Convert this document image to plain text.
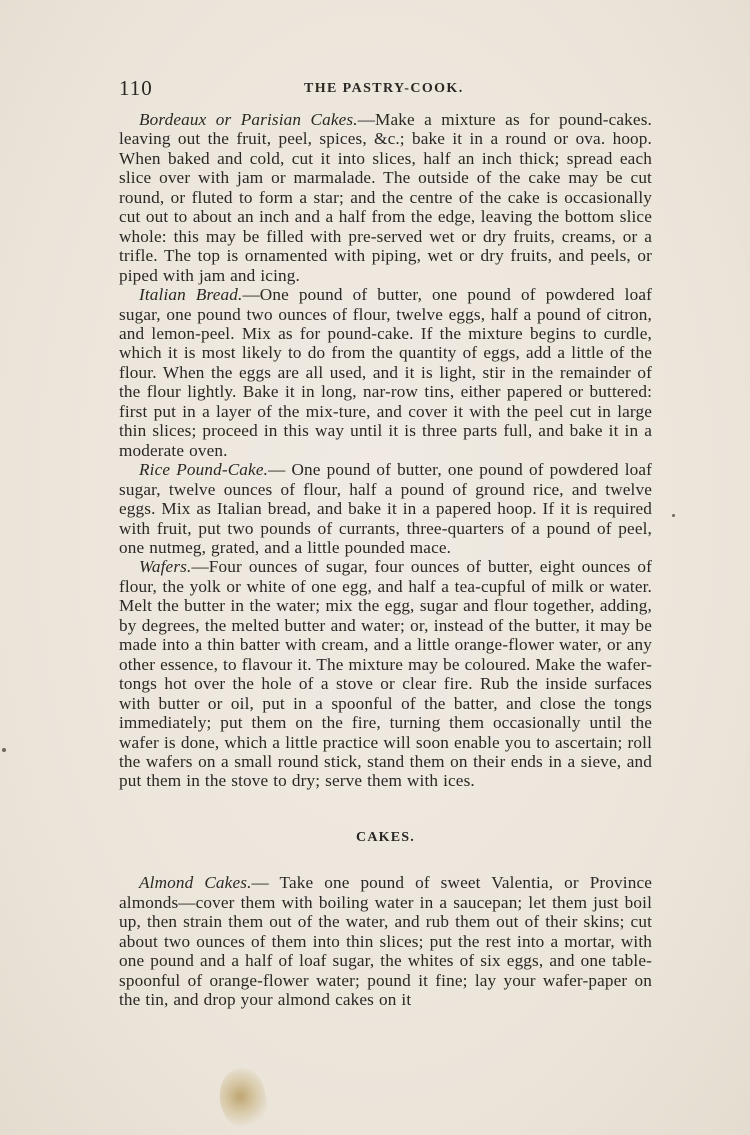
110	THE PASTRY-COOK.

Bordeaux or Parisian Cakes.—Make a mixture as for pound-cakes. leaving out the fruit, peel, spices, &c.; bake it in a round or ova. hoop. When baked and cold, cut it into slices, half an inch thick; spread each slice over with jam or marmalade. The outside of the cake may be cut round, or fluted to form a star; and the centre of the cake is occasionally cut out to about an inch and a half from the edge, leaving the bottom slice whole: this may be filled with pre-served wet or dry fruits, creams, or a trifle. The top is ornamented with piping, wet or dry fruits, and peels, or piped with jam and icing.

Italian Bread.—One pound of butter, one pound of powdered loaf sugar, one pound two ounces of flour, twelve eggs, half a pound of citron, and lemon-peel. Mix as for pound-cake. If the mixture begins to curdle, which it is most likely to do from the quantity of eggs, add a little of the flour. When the eggs are all used, and it is light, stir in the remainder of the flour lightly. Bake it in long, nar-row tins, either papered or buttered: first put in a layer of the mix-ture, and cover it with the peel cut in large thin slices; proceed in this way until it is three parts full, and bake it in a moderate oven.

Rice Pound-Cake.— One pound of butter, one pound of powdered loaf sugar, twelve ounces of flour, half a pound of ground rice, and twelve eggs. Mix as Italian bread, and bake it in a papered hoop. If it is required with fruit, put two pounds of currants, three-quarters of a pound of peel, one nutmeg, grated, and a little pounded mace.

Wafers.—Four ounces of sugar, four ounces of butter, eight ounces of flour, the yolk or white of one egg, and half a tea-cupful of milk or water. Melt the butter in the water; mix the egg, sugar and flour together, adding, by degrees, the melted butter and water; or, instead of the butter, it may be made into a thin batter with cream, and a little orange-flower water, or any other essence, to flavour it. The mixture may be coloured. Make the wafer-tongs hot over the hole of a stove or clear fire. Rub the inside surfaces with butter or oil, put in a spoonful of the batter, and close the tongs immediately; put them on the fire, turning them occasionally until the wafer is done, which a little practice will soon enable you to ascertain; roll the wafers on a small round stick, stand them on their ends in a sieve, and put them in the stove to dry; serve them with ices.

CAKES.

Almond Cakes.— Take one pound of sweet Valentia, or Province almonds—cover them with boiling water in a saucepan; let them just boil up, then strain them out of the water, and rub them out of their skins; cut about two ounces of them into thin slices; put the rest into a mortar, with one pound and a half of loaf sugar, the whites of six eggs, and one table-spoonful of orange-flower water; pound it fine; lay your wafer-paper on the tin, and drop your almond cakes on it
